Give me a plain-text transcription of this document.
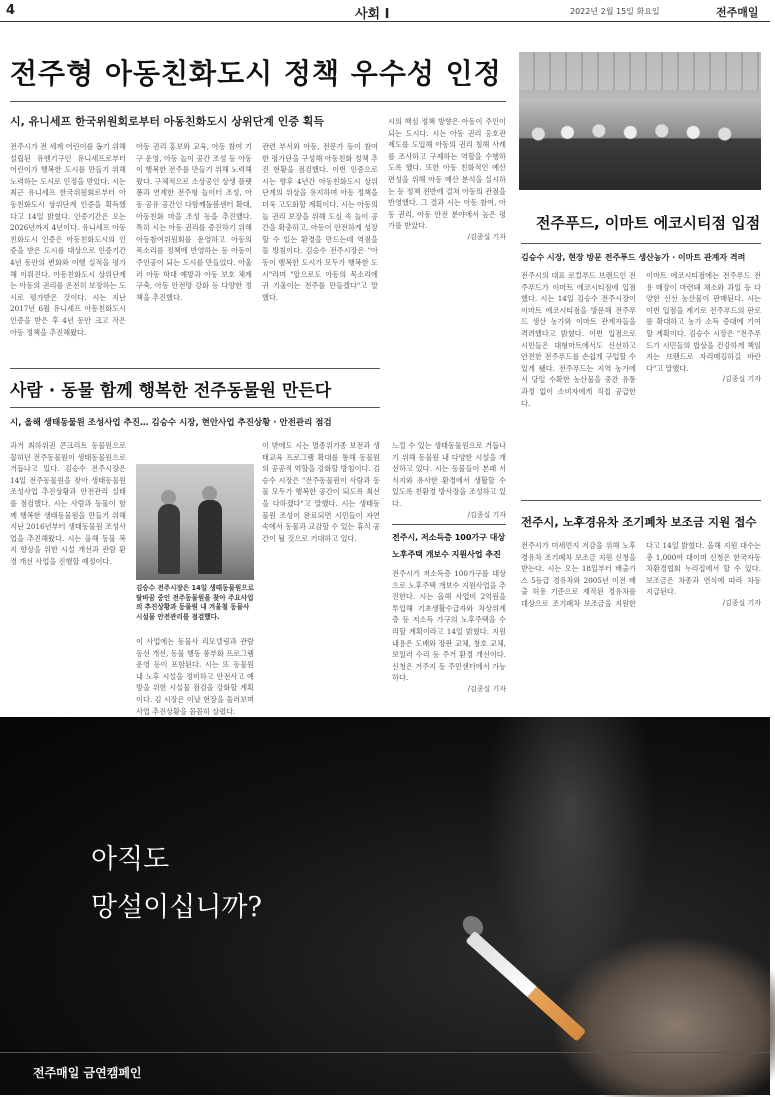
4	사회 I	2022년 2월 15일 화요일	전주매일
전주형 아동친화도시 정책 우수성 인정
시, 유니세프 한국위원회로부터 아동친화도시 상위단계 인증 획득

전주시가 전 세계 어린이를 돕기 위해 설립된 유엔기구인 유니세프로부터 어린이가 행복한 도시를 만들기 위해 노력하는 도시로 인정을 받았다. 시는 최근 유니세프 한국위원회로부터 아동친화도시 상위단계 인증을 획득했다고 14일 밝혔다. 인증기간은 오는 2026년까지 4년이다. 유니세프 아동친화도시 인증은 아동친화도시의 인증을 받은 도시를 대상으로 인증기간 4년 동안의 변화와 이행 실적을 평가해 이뤄진다. 아동친화도시 상위단계는 아동의 권리를 온전히 보장하는 도시로 평가받은 것이다. 시는 지난 2017년 6월 유니세프 아동친화도시 인증을 받은 후 4년 동안 크고 작은 아동 정책을 추진해왔다.

아동 권리 홍보와 교육, 아동 참여 기구 운영, 아동 놀이 공간 조성 등 아동이 행복한 전주를 만들기 위해 노력해왔다. 구체적으로 소상공인 상생 플랫폼과 연계한 전주형 놀이터 조성, 아동 공유 공간인 다함께돌봄센터 확대, 아동친화 마을 조성 등을 추진했다. 특히 시는 아동 권리를 증진하기 위해 아동참여위원회를 운영하고 아동의 목소리를 정책에 반영하는 등 아동이 주인공이 되는 도시를 만들었다. 아울러 아동 학대 예방과 아동 보호 체계 구축, 아동 안전망 강화 등 다양한 정책을 추진했다.

관련 부서와 아동, 전문가 등이 참여한 평가단을 구성해 아동친화 정책 추진 현황을 점검했다. 이번 인증으로 시는 향후 4년간 아동친화도시 상위단계의 위상을 유지하며 아동 정책을 더욱 고도화할 계획이다. 시는 아동의 놀 권리 보장을 위해 도심 속 놀이 공간을 확충하고, 아동이 안전하게 성장할 수 있는 환경을 만드는데 역점을 둘 방침이다. 김승수 전주시장은 "아동이 행복한 도시가 모두가 행복한 도시"라며 "앞으로도 아동의 목소리에 귀 기울이는 전주를 만들겠다"고 말했다.

시의 핵심 정책 방향은 아동이 주인이 되는 도시다. 시는 아동 권리 옹호관 제도를 도입해 아동의 권리 침해 사례를 조사하고 구제하는 역할을 수행하도록 했다. 또한 아동 친화적인 예산 편성을 위해 아동 예산 분석을 실시하는 등 정책 전반에 걸쳐 아동의 관점을 반영했다. 그 결과 시는 아동 참여, 아동 권리, 아동 안전 분야에서 높은 평가를 받았다.

/김종실 기자

전주푸드, 이마트 에코시티점 입점
김승수 시장, 현장 방문 전주푸드 생산농가 · 이마트 관계자 격려

전주시의 대표 로컬푸드 브랜드인 전주푸드가 이마트 에코시티점에 입점했다. 시는 14일 김승수 전주시장이 이마트 에코시티점을 방문해 전주푸드 생산 농가와 이마트 관계자들을 격려했다고 밝혔다. 이번 입점으로 시민들은 대형마트에서도 신선하고 안전한 전주푸드를 손쉽게 구입할 수 있게 됐다. 전주푸드는 지역 농가에서 당일 수확한 농산물을 중간 유통 과정 없이 소비자에게 직접 공급한다.

이마트 에코시티점에는 전주푸드 전용 매장이 마련돼 채소와 과일 등 다양한 신선 농산물이 판매된다. 시는 이번 입점을 계기로 전주푸드의 판로를 확대하고 농가 소득 증대에 기여할 계획이다. 김승수 시장은 "전주푸드가 시민들의 밥상을 건강하게 책임지는 브랜드로 자리매김하길 바란다"고 말했다.

/김종실 기자

사람 · 동물 함께 행복한 전주동물원 만든다
시, 올해 생태동물원 조성사업 추진… 김승수 시장, 현안사업 추진상황 · 안전관리 점검

과거 최하위권 콘크리트 동물원으로 꼽히던 전주동물원이 생태동물원으로 거듭나고 있다. 김승수 전주시장은 14일 전주동물원을 찾아 생태동물원 조성사업 추진상황과 안전관리 실태를 점검했다. 시는 사람과 동물이 함께 행복한 생태동물원을 만들기 위해 지난 2016년부터 생태동물원 조성사업을 추진해왔다. 시는 올해 동물 복지 향상을 위한 시설 개선과 관람 환경 개선 사업을 진행할 예정이다.

김승수 전주시장은 14일 생태동물원으로 탈바꿈 중인 전주동물원을 찾아 주요사업의 추진상황과 동물원 내 겨울철 동물사 시설물 안전관리를 점검했다.

이 사업에는 동물사 리모델링과 관람 동선 개선, 동물 행동 풍부화 프로그램 운영 등이 포함된다. 시는 또 동물원 내 노후 시설을 정비하고 안전사고 예방을 위한 시설물 점검을 강화할 계획이다. 김 시장은 이날 현장을 둘러보며 사업 추진상황을 꼼꼼히 살폈다.

이 밖에도 시는 멸종위기종 보전과 생태교육 프로그램 확대를 통해 동물원의 공공적 역할을 강화할 방침이다. 김승수 시장은 "전주동물원이 사람과 동물 모두가 행복한 공간이 되도록 최선을 다하겠다"고 말했다. 시는 생태동물원 조성이 완료되면 시민들이 자연 속에서 동물과 교감할 수 있는 휴식 공간이 될 것으로 기대하고 있다.

느낄 수 있는 생태동물원으로 거듭나기 위해 동물원 내 다양한 시설을 개선하고 있다. 시는 동물들이 본래 서식지와 유사한 환경에서 생활할 수 있도록 친환경 방사장을 조성하고 있다.

/김종실 기자

전주시, 저소득층 100가구 대상
노후주택 개보수 지원사업 추진

전주시가 저소득층 100가구를 대상으로 노후주택 개보수 지원사업을 추진한다. 시는 올해 사업비 2억원을 투입해 기초생활수급자와 차상위계층 등 저소득 가구의 노후주택을 수리할 계획이라고 14일 밝혔다. 지원 내용은 도배와 장판 교체, 창호 교체, 보일러 수리 등 주거 환경 개선이다. 신청은 거주지 동 주민센터에서 가능하다.

/김종실 기자

전주시, 노후경유차 조기폐차 보조금 지원 접수

전주시가 미세먼지 저감을 위해 노후경유차 조기폐차 보조금 지원 신청을 받는다. 시는 오는 18일부터 배출가스 5등급 경유차와 2005년 이전 배출 허용 기준으로 제작된 경유차를 대상으로 조기폐차 보조금을 지원한다고 14일 밝혔다. 올해 지원 대수는 총 1,000여 대이며 신청은 한국자동차환경협회 누리집에서 할 수 있다. 보조금은 차종과 연식에 따라 차등 지급된다.

/김종실 기자

아직도
망설이십니까?
전주매일 금연캠페인
